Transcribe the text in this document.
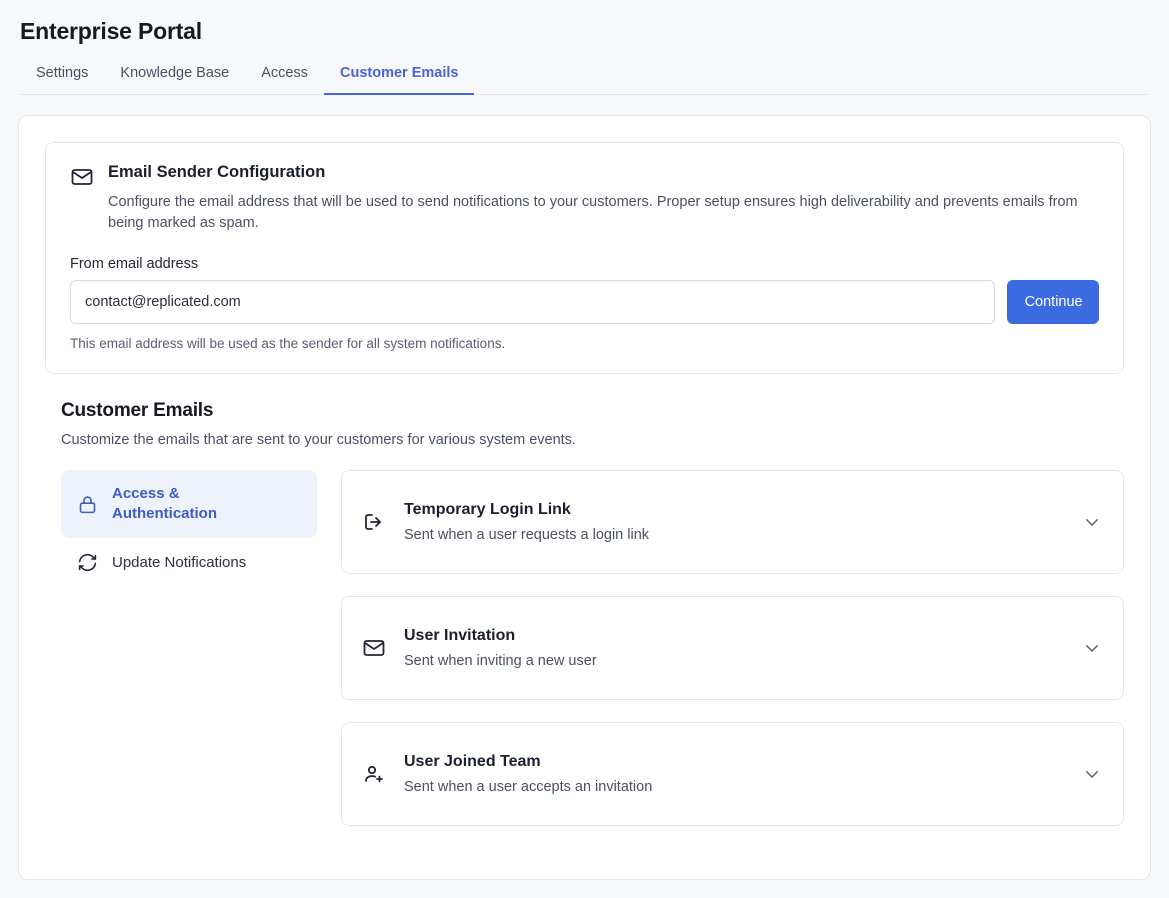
Enterprise Portal
Settings	Knowledge Base	Access	Customer Emails
Email Sender Configuration
Configure the email address that will be used to send notifications to your customers. Proper setup ensures high deliverability and prevents emails from being marked as spam.
From email address
contact@replicated.com
Continue
This email address will be used as the sender for all system notifications.
Customer Emails
Customize the emails that are sent to your customers for various system events.
Access & Authentication
Update Notifications
Temporary Login Link
Sent when a user requests a login link
User Invitation
Sent when inviting a new user
User Joined Team
Sent when a user accepts an invitation
